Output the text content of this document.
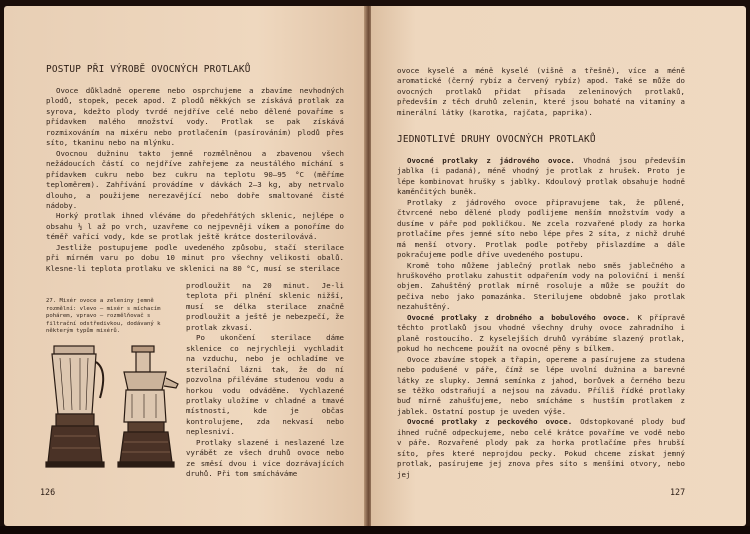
POSTUP PŘI VÝROBĚ OVOCNÝCH PROTLAKŮ

Ovoce důkladně opereme nebo osprchujeme a zbavíme nevhodných plodů, stopek, pecek apod. Z plodů měkkých se získává protlak za syrova, kdežto plody tvrdé nejdříve celé nebo dělené povaříme s přídavkem malého množství vody. Protlak se pak získává rozmixováním na mixéru nebo protlačením (pasírováním) plodů přes síto, tkaninu nebo na mlýnku.

Ovocnou dužninu takto jemně rozmělněnou a zbavenou všech nežádoucích částí co nejdříve zahřejeme za neustálého míchání s přídavkem cukru nebo bez cukru na teplotu 90—95 °C (měříme teploměrem). Zahřívání provádíme v dávkách 2—3 kg, aby netrvalo dlouho, a použijeme nerezavějící nebo dobře smaltované čisté nádoby.

Horký protlak ihned vléváme do předehřátých sklenic, nejlépe o obsahu ½ l až po vrch, uzavřeme co nejpevněji víkem a ponoříme do téměř vařící vody, kde se protlak ještě krátce dosterilovává.

Jestliže postupujeme podle uvedeného způsobu, stačí sterilace při mírném varu po dobu 10 minut pro všechny velikosti obalů. Klesne-li teplota protlaku ve sklenici na 80 °C, musí se sterilace

prodloužit na 20 minut. Je-li teplota při plnění sklenic nižší, musí se délka sterilace značně prodloužit a ještě je nebezpečí, že protlak zkvasí.

Po ukončení sterilace dáme sklenice co nejrychleji vychladit na vzduchu, nebo je ochladíme ve sterilační lázni tak, že do ní pozvolna přiléváme studenou vodu a horkou vodu odváděme. Vychlazené protlaky uložíme v chladné a tmavé místnosti, kde je občas kontrolujeme, zda nekvasí nebo neplesniví.

Protlaky slazené i neslazené lze vyrábět ze všech druhů ovoce nebo ze směsí dvou i více dozrávajících druhů. Při tom smícháváme

27. Mixér ovoce a zeleniny jemně rozmělní: vlevo — mixér s míchacím pohárem, vpravo — rozmělňovač s filtrační odstředivkou, dodávaný k některým typům mixérů.
126

ovoce kyselé a méně kyselé (višně a třešně), více a méně aromatické (černý rybíz a červený rybíz) apod. Také se může do ovocných protlaků přidat přísada zeleninových protlaků, především z těch druhů zelenin, které jsou bohaté na vitamíny a minerální látky (karotka, rajčata, paprika).

JEDNOTLIVÉ DRUHY OVOCNÝCH PROTLAKŮ

Ovocné protlaky z jádrového ovoce. Vhodná jsou především jablka (i padaná), méně vhodný je protlak z hrušek. Proto je lépe kombinovat hrušky s jablky. Kdoulový protlak obsahuje hodně kaměnčitých buněk.

Protlaky z jádrového ovoce připravujeme tak, že půlené, čtvrcené nebo dělené plody podlijeme menším množstvím vody a dusíme v páře pod pokličkou. Ne zcela rozvařené plody za horka protlačíme přes jemné síto nebo lépe přes 2 síta, z nichž druhé má menší otvory. Protlak podle potřeby přislazdíme a dále pokračujeme podle dříve uvedeného postupu.

Kromě toho můžeme jablečný protlak nebo směs jablečného a hruškového protlaku zahustit odpařením vody na poloviční i menší objem. Zahuštěný protlak mírně rosoluje a může se použít do pečiva nebo jako pomazánka. Sterilujeme obdobně jako protlak nezahuštěný.

Ovocné protlaky z drobného a bobulového ovoce. K přípravě těchto protlaků jsou vhodné všechny druhy ovoce zahradního i planě rostoucího. Z kyselejších druhů vyrábíme slazený protlak, pokud ho nechceme použít na ovocné pěny s bílkem.

Ovoce zbavíme stopek a třapin, opereme a pasírujeme za studena nebo podušené v páře, čímž se lépe uvolní dužnina a barevné látky ze slupky. Jemná semínka z jahod, borůvek a černého bezu se těžko odstraňují a nejsou na závadu. Příliš řídké protlaky buď mírně zahušťujeme, nebo smícháme s hustším protlakem z jablek. Ostatní postup je uveden výše.

Ovocné protlaky z peckového ovoce. Odstopkované plody buď ihned ručně odpeckujeme, nebo celé krátce povaříme ve vodě nebo v páře. Rozvařené plody pak za horka protlačíme přes hrubší síto, přes které neprojdou pecky. Pokud chceme získat jemný protlak, pasírujeme jej znova přes síto s menšími otvory, nebo jej

127
